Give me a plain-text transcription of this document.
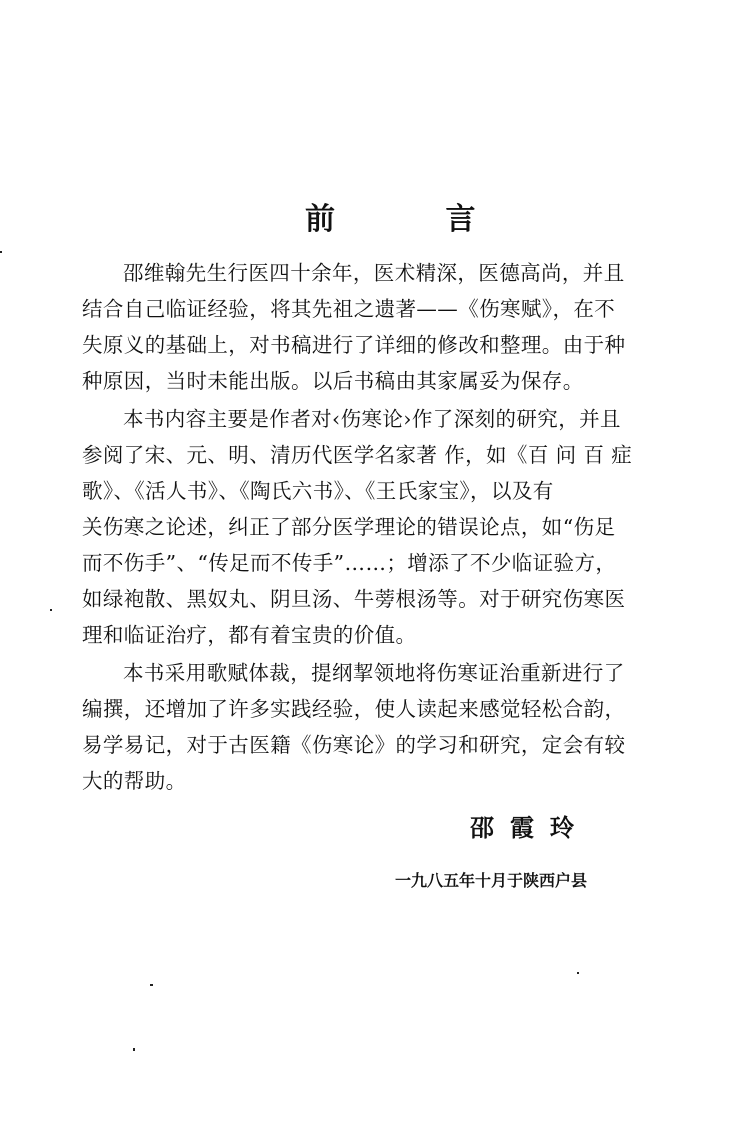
前 言
邵维翰先生行医四十余年，医术精深，医德高尚，并且
结合自己临证经验，将其先祖之遗著——《伤寒赋》，在不
失原义的基础上，对书稿进行了详细的修改和整理。由于种
种原因，当时未能出版。以后书稿由其家属妥为保存。
本书内容主要是作者对‹伤寒论›作了深刻的研究，并且
参阅了宋、元、明、清历代医学名家著 作，如《百 问 百 症
歌》、《活人书》、《陶氏六书》、《王氏家宝》，以及有
关伤寒之论述，纠正了部分医学理论的错误论点，如“伤足
而不伤手”、“传足而不传手”……；增添了不少临证验方，
如绿袍散、黑奴丸、阴旦汤、牛蒡根汤等。对于研究伤寒医
理和临证治疗，都有着宝贵的价值。
本书采用歌赋体裁，提纲挈领地将伤寒证治重新进行了
编撰，还增加了许多实践经验，使人读起来感觉轻松合韵，
易学易记，对于古医籍《伤寒论》的学习和研究，定会有较
大的帮助。
邵霞玲
一九八五年十月于陕西户县
